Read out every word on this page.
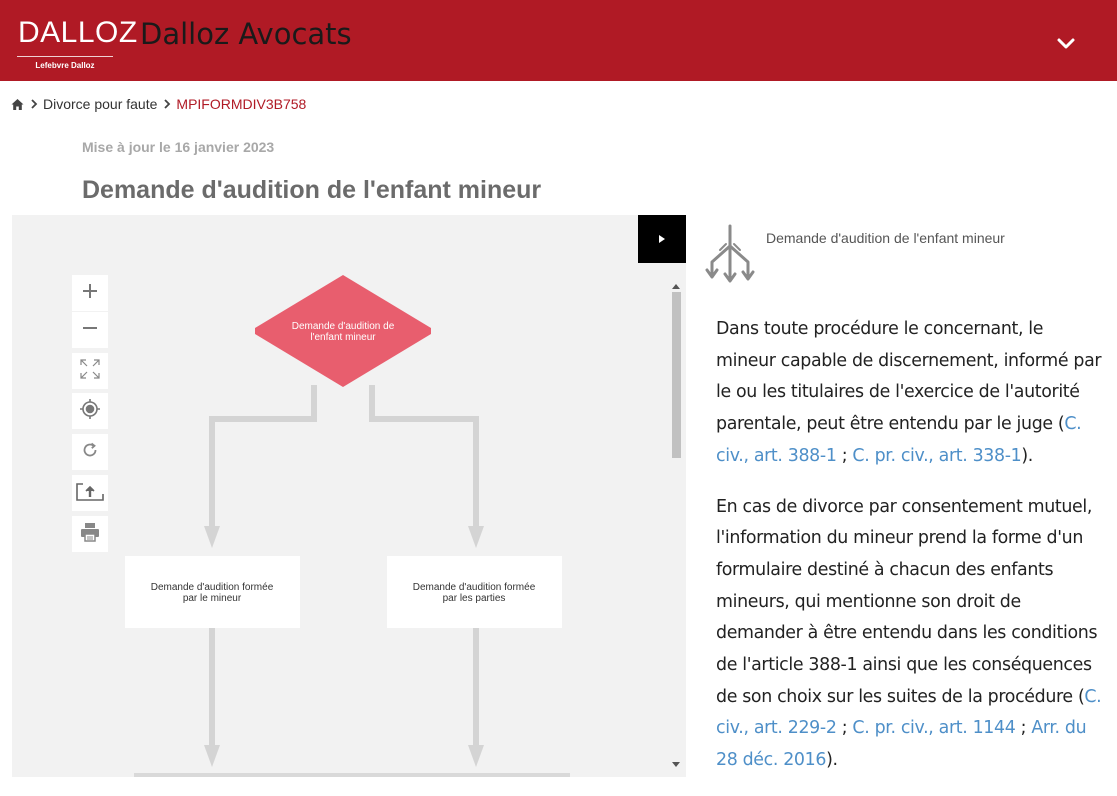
DALLOZ
Lefebvre Dalloz
Dalloz Avocats
Divorce pour faute MPIFORMDIV3B758
Mise à jour le 16 janvier 2023
Demande d'audition de l'enfant mineur
Demande d'audition de
l'enfant mineur
Demande d'audition formée
par le mineur
Demande d'audition formée
par les parties
Demande d'audition de l'enfant mineur

Dans toute procédure le concernant, le mineur capable de discernement, informé par le ou les titulaires de l'exercice de l'autorité parentale, peut être entendu par le juge (C. civ., art. 388-1 ; C. pr. civ., art. 338-1).

En cas de divorce par consentement mutuel, l'information du mineur prend la forme d'un formulaire destiné à chacun des enfants mineurs, qui mentionne son droit de demander à être entendu dans les conditions de l'article 388-1 ainsi que les conséquences de son choix sur les suites de la procédure (C. civ., art. 229-2 ; C. pr. civ., art. 1144 ; Arr. du 28 déc. 2016).
